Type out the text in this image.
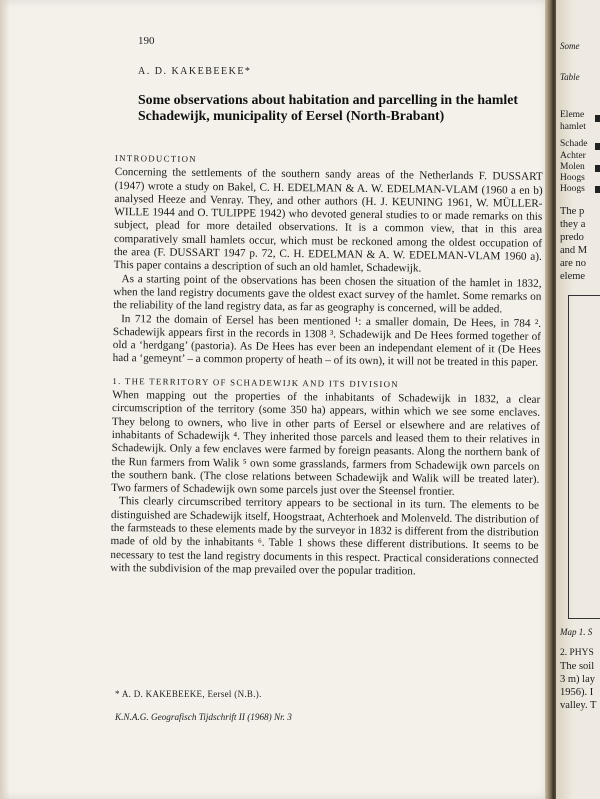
190
A. D. KAKEBEEKE*
Some observations about habitation and parcelling in the hamlet Schadewijk, municipality of Eersel (North-Brabant)
INTRODUCTION

Concerning the settlements of the southern sandy areas of the Netherlands F. DUSSART (1947) wrote a study on Bakel, C. H. EDELMAN & A. W. EDELMAN-VLAM (1960 a en b) analysed Heeze and Venray. They, and other authors (H. J. KEUNING 1961, W. MÜLLER-WILLE 1944 and O. TULIPPE 1942) who devoted general studies to or made remarks on this subject, plead for more detailed observations. It is a common view, that in this area comparatively small hamlets occur, which must be reckoned among the oldest occupation of the area (F. DUSSART 1947 p. 72, C. H. EDELMAN & A. W. EDELMAN-VLAM 1960 a). This paper contains a description of such an old hamlet, Schadewijk.

As a starting point of the observations has been chosen the situation of the hamlet in 1832, when the land registry documents gave the oldest exact survey of the hamlet. Some remarks on the reliability of the land registry data, as far as geography is concerned, will be added.

In 712 the domain of Eersel has been mentioned ¹: a smaller domain, De Hees, in 784 ². Schadewijk appears first in the records in 1308 ³. Schadewijk and De Hees formed together of old a ‘herdgang’ (pastoria). As De Hees has ever been an independant element of it (De Hees had a ‘gemeynt’ – a common property of heath – of its own), it will not be treated in this paper.

1. THE TERRITORY OF SCHADEWIJK AND ITS DIVISION

When mapping out the properties of the inhabitants of Schadewijk in 1832, a clear circumscription of the territory (some 350 ha) appears, within which we see some enclaves. They belong to owners, who live in other parts of Eersel or elsewhere and are relatives of inhabitants of Schadewijk ⁴. They inherited those parcels and leased them to their relatives in Schadewijk. Only a few enclaves were farmed by foreign peasants. Along the northern bank of the Run farmers from Walik ⁵ own some grasslands, farmers from Schadewijk own parcels on the southern bank. (The close relations between Schadewijk and Walik will be treated later). Two farmers of Schadewijk own some parcels just over the Steensel frontier.

This clearly circumscribed territory appears to be sectional in its turn. The elements to be distinguished are Schadewijk itself, Hoogstraat, Achterhoek and Molenveld. The distribution of the farmsteads to these elements made by the surveyor in 1832 is different from the distribution made of old by the inhabitants ⁶. Table 1 shows these different distributions. It seems to be necessary to test the land registry documents in this respect. Practical considerations connected with the subdivision of the map prevailed over the popular tradition.

* A. D. KAKEBEEKE, Eersel (N.B.).
K.N.A.G. Geografisch Tijdschrift II (1968) Nr. 3
Some
Table
Eleme
hamlet
Schade
Achter
Molen
Hoogs
Hoogs
The p
they a
predo
and M
are no
eleme
Map 1. S
2. PHYS
The soil
3 m) lay
1956). I
valley. T
